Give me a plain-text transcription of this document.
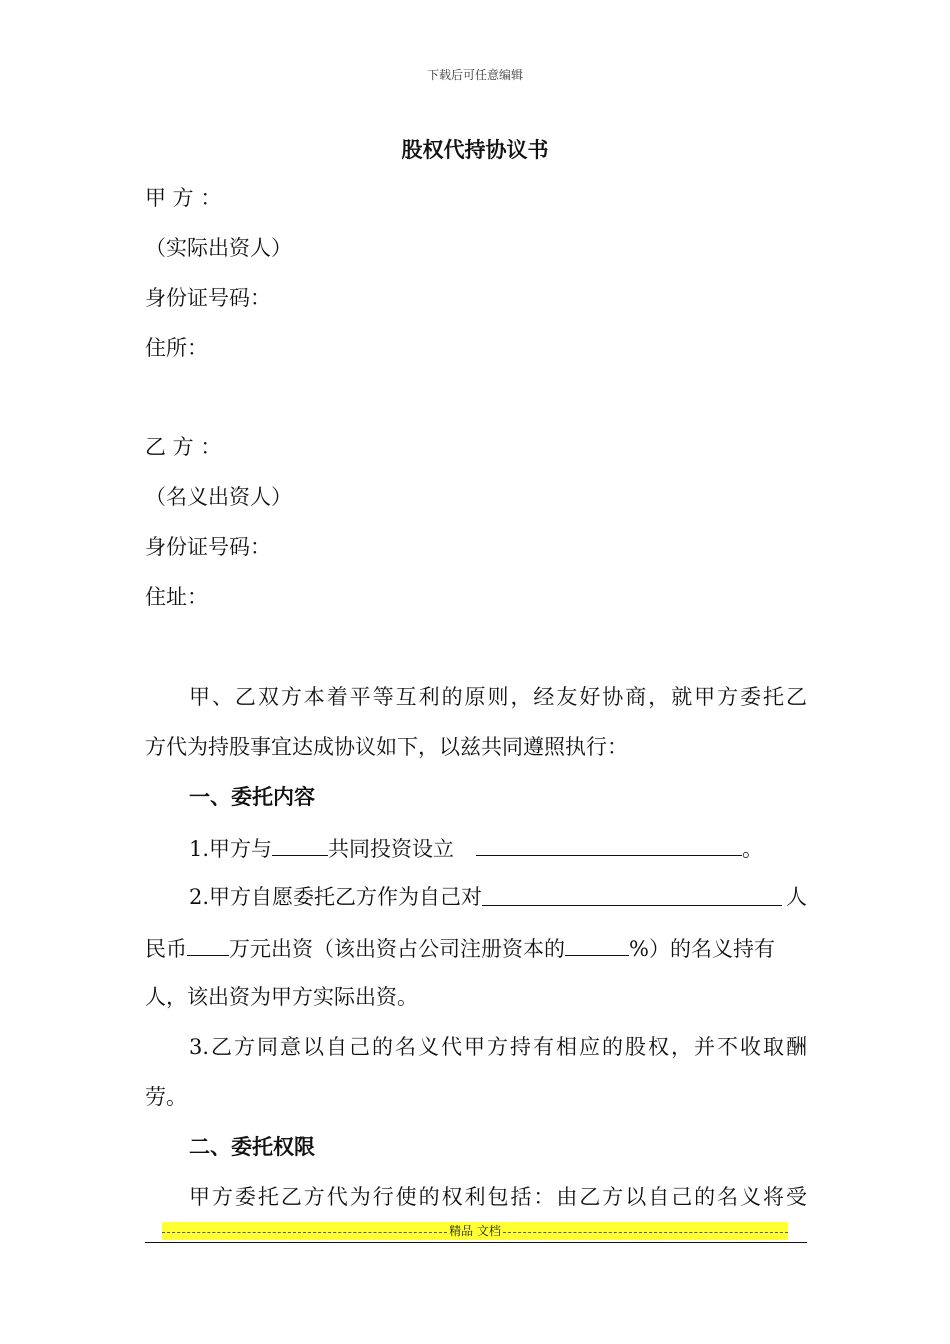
下载后可任意编辑
股权代持协议书
甲 方 ：
（实际出资人）
身份证号码：
住所：
乙 方 ：
（名义出资人）
身份证号码：
住址：
甲、乙双方本着平等互利的原则，经友好协商，就甲方委托乙
方代为持股事宜达成协议如下，以兹共同遵照执行：
一、委托内容
1.甲方与	共同投资设立	。
2.甲方自愿委托乙方作为自己对	人
民币 万元出资（该出资占公司注册资本的	%）的名义持有
人，该出资为甲方实际出资。
3.乙方同意以自己的名义代甲方持有相应的股权，并不收取酬
劳。
二、委托权限
甲方委托乙方代为行使的权利包括：由乙方以自己的名义将受
精品 文档
